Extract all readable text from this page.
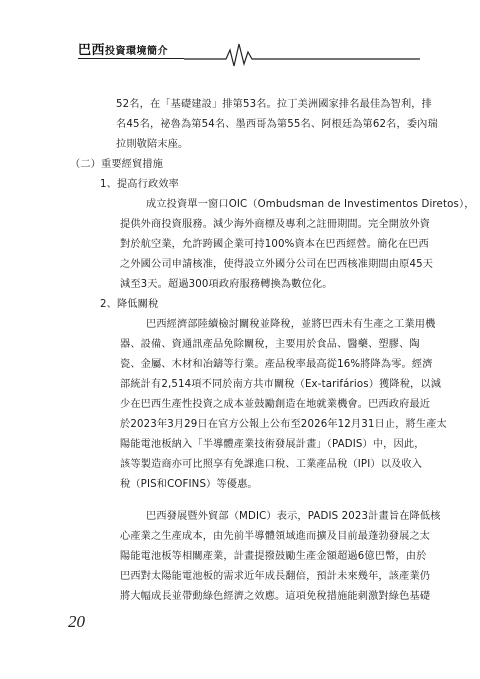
巴西投資環境簡介
52名，在「基礎建設」排第53名。拉丁美洲國家排名最佳為智利，排
名45名，祕魯為第54名、墨西哥為第55名、阿根廷為第62名，委內瑞
拉則敬陪末座。
（二）重要經貿措施
1、提高行政效率
成立投資單一窗口OIC（Ombudsman de Investimentos Diretos），
提供外商投資服務。減少海外商標及專利之註冊期間。完全開放外資
對於航空業，允許跨國企業可持100%資本在巴西經營。簡化在巴西
之外國公司申請核准，使得設立外國分公司在巴西核准期間由原45天
減至3天。超過300項政府服務轉換為數位化。
2、降低關稅
巴西經濟部陸續檢討關稅並降稅，並將巴西未有生產之工業用機
器、設備、資通訊產品免除關稅，主要用於食品、醫藥、塑膠、陶
瓷、金屬、木材和冶鑄等行業。產品稅率最高從16%將降為零。經濟
部統計有2,514項不同於南方共市關稅（Ex-tarifários）獲降稅，以減
少在巴西生產性投資之成本並鼓勵創造在地就業機會。巴西政府最近
於2023年3月29日在官方公報上公布至2026年12月31日止，將生產太
陽能電池板納入「半導體產業技術發展計畫」（PADIS）中，因此，
該等製造商亦可比照享有免課進口稅、工業產品稅（IPI）以及收入
稅（PIS和COFINS）等優惠。
巴西發展暨外貿部（MDIC）表示，PADIS 2023計畫旨在降低核
心產業之生產成本，由先前半導體領域進而擴及目前最蓬勃發展之太
陽能電池板等相關產業，計畫提撥鼓勵生產金額超過6億巴幣，由於
巴西對太陽能電池板的需求近年成長翻倍，預計未來幾年，該產業仍
將大幅成長並帶動綠色經濟之效應。這項免稅措施能刺激對綠色基礎
20
